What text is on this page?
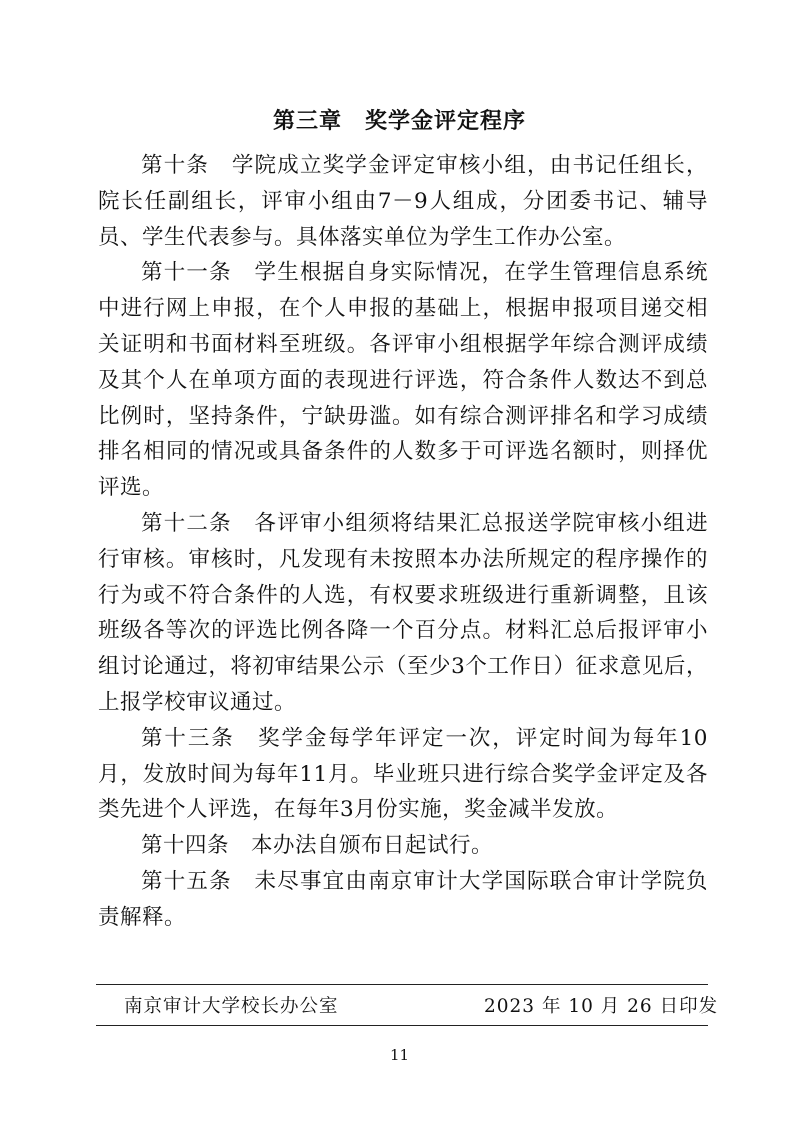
第三章　奖学金评定程序

第十条　学院成立奖学金评定审核小组，由书记任组长，院长任副组长，评审小组由7－9人组成，分团委书记、辅导员、学生代表参与。具体落实单位为学生工作办公室。

第十一条　学生根据自身实际情况，在学生管理信息系统中进行网上申报，在个人申报的基础上，根据申报项目递交相关证明和书面材料至班级。各评审小组根据学年综合测评成绩及其个人在单项方面的表现进行评选，符合条件人数达不到总比例时，坚持条件，宁缺毋滥。如有综合测评排名和学习成绩排名相同的情况或具备条件的人数多于可评选名额时，则择优评选。

第十二条　各评审小组须将结果汇总报送学院审核小组进行审核。审核时，凡发现有未按照本办法所规定的程序操作的行为或不符合条件的人选，有权要求班级进行重新调整，且该班级各等次的评选比例各降一个百分点。材料汇总后报评审小组讨论通过，将初审结果公示（至少3个工作日）征求意见后，上报学校审议通过。

第十三条　奖学金每学年评定一次，评定时间为每年10月，发放时间为每年11月。毕业班只进行综合奖学金评定及各类先进个人评选，在每年3月份实施，奖金减半发放。

第十四条　本办法自颁布日起试行。

第十五条　未尽事宜由南京审计大学国际联合审计学院负责解释。

南京审计大学校长办公室	2023 年 10 月 26 日印发
11
